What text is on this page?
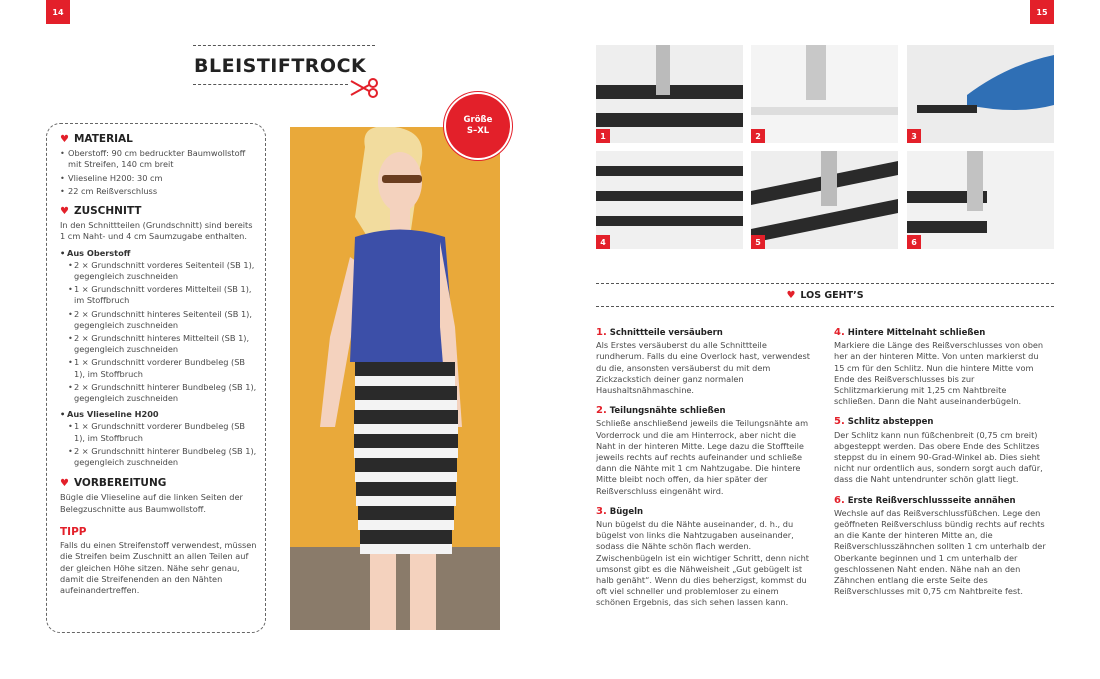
14	15
BLEISTIFTROCK
♥ MATERIAL
• Oberstoff: 90 cm bedruckter Baumwollstoff mit Streifen, 140 cm breit
• Vlieseline H200: 30 cm
• 22 cm Reißverschluss
♥ ZUSCHNITT
In den Schnittteilen (Grundschnitt) sind bereits 1 cm Naht- und 4 cm Saumzugabe enthalten.
• Aus Oberstoff
• 2 × Grundschnitt vorderes Seitenteil (SB 1), gegengleich zuschneiden
• 1 × Grundschnitt vorderes Mittelteil (SB 1), im Stoffbruch
• 2 × Grundschnitt hinteres Seitenteil (SB 1), gegengleich zuschneiden
• 2 × Grundschnitt hinteres Mittelteil (SB 1), gegengleich zuschneiden
• 1 × Grundschnitt vorderer Bundbeleg (SB 1), im Stoffbruch
• 2 × Grundschnitt hinterer Bundbeleg (SB 1), gegengleich zuschneiden
• Aus Vlieseline H200
• 1 × Grundschnitt vorderer Bundbeleg (SB 1), im Stoffbruch
• 2 × Grundschnitt hinterer Bundbeleg (SB 1), gegengleich zuschneiden
♥ VORBEREITUNG
Bügle die Vlieseline auf die linken Seiten der Belegzuschnitte aus Baumwollstoff.
TIPP
Falls du einen Streifenstoff verwendest, müssen die Streifen beim Zuschnitt an allen Teilen auf der gleichen Höhe sitzen. Nähe sehr genau, damit die Streifenenden an den Nähten aufeinandertreffen.
Größe
S–XL	1	2	3
4	5	6
♥ LOS GEHT’S
1. Schnittteile versäubern
Als Erstes versäuberst du alle Schnittteile rundherum. Falls du eine Overlock hast, verwendest du die, ansonsten versäuberst du mit dem Zickzackstich deiner ganz normalen Haushaltsnähmaschine.
2. Teilungsnähte schließen
Schließe anschließend jeweils die Teilungsnähte am Vorderrock und die am Hinterrock, aber nicht die Naht in der hinteren Mitte. Lege dazu die Stoffteile jeweils rechts auf rechts aufeinander und schließe dann die Nähte mit 1 cm Nahtzugabe. Die hintere Mitte bleibt noch offen, da hier später der Reißverschluss eingenäht wird.
3. Bügeln
Nun bügelst du die Nähte auseinander, d. h., du bügelst von links die Nahtzugaben auseinander, sodass die Nähte schön flach werden. Zwischenbügeln ist ein wichtiger Schritt, denn nicht umsonst gibt es die Nähweisheit „Gut gebügelt ist halb genäht“. Wenn du dies beherzigst, kommst du oft viel schneller und problemloser zu einem schönen Ergebnis, das sich sehen lassen kann.
4. Hintere Mittelnaht schließen
Markiere die Länge des Reißverschlusses von oben her an der hinteren Mitte. Von unten markierst du 15 cm für den Schlitz. Nun die hintere Mitte vom Ende des Reißverschlusses bis zur Schlitzmarkierung mit 1,25 cm Nahtbreite schließen. Dann die Naht auseinanderbügeln.
5. Schlitz absteppen
Der Schlitz kann nun füßchenbreit (0,75 cm breit) abgesteppt werden. Das obere Ende des Schlitzes steppst du in einem 90-Grad-Winkel ab. Dies sieht nicht nur ordentlich aus, sondern sorgt auch dafür, dass die Naht untendrunter schön glatt liegt.
6. Erste Reißverschlussseite annähen
Wechsle auf das Reißverschlussfüßchen. Lege den geöffneten Reißverschluss bündig rechts auf rechts an die Kante der hinteren Mitte an, die Reißverschlusszähnchen sollten 1 cm unterhalb der Oberkante beginnen und 1 cm unterhalb der geschlossenen Naht enden. Nähe nah an den Zähnchen entlang die erste Seite des Reißverschlusses mit 0,75 cm Nahtbreite fest.
